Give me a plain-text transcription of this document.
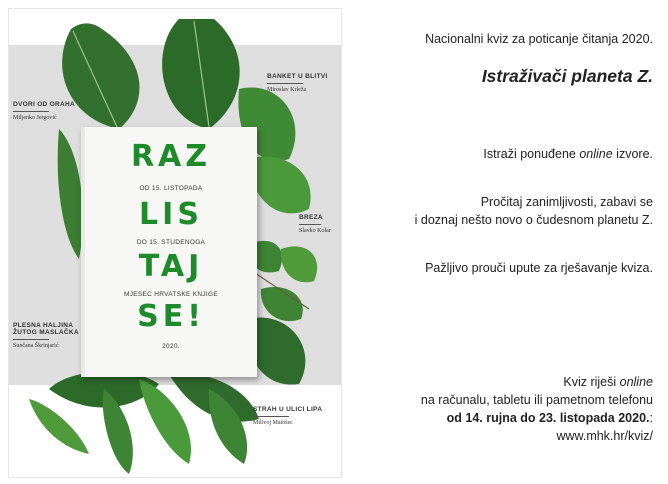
RAZ
OD 15. LISTOPADA
LIS
DO 15. STUDENOGA
TAJ
MJESEC HRVATSKE KNJIGE
SE!
2020.
DVORI OD ORAHA
Miljenko Jergović
BANKET U BLITVI
Miroslav Krleža
BREZA
Slavko Kolar
PLESNA HALJINA
ŽUTOG MASLAČKA
Sunčana Škrinjarić
STRAH U ULICI LIPA
Milivoj Matošec
Nacionalni kviz za poticanje čitanja 2020.
Istraživači planeta Z.
Istraži ponuđene online izvore.
Pročitaj zanimljivosti, zabavi se
i doznaj nešto novo o čudesnom planetu Z.
Pažljivo prouči upute za rješavanje kviza.
Kviz riješi online
na računalu, tabletu ili pametnom telefonu
od 14. rujna do 23. listopada 2020.:
www.mhk.hr/kviz/
